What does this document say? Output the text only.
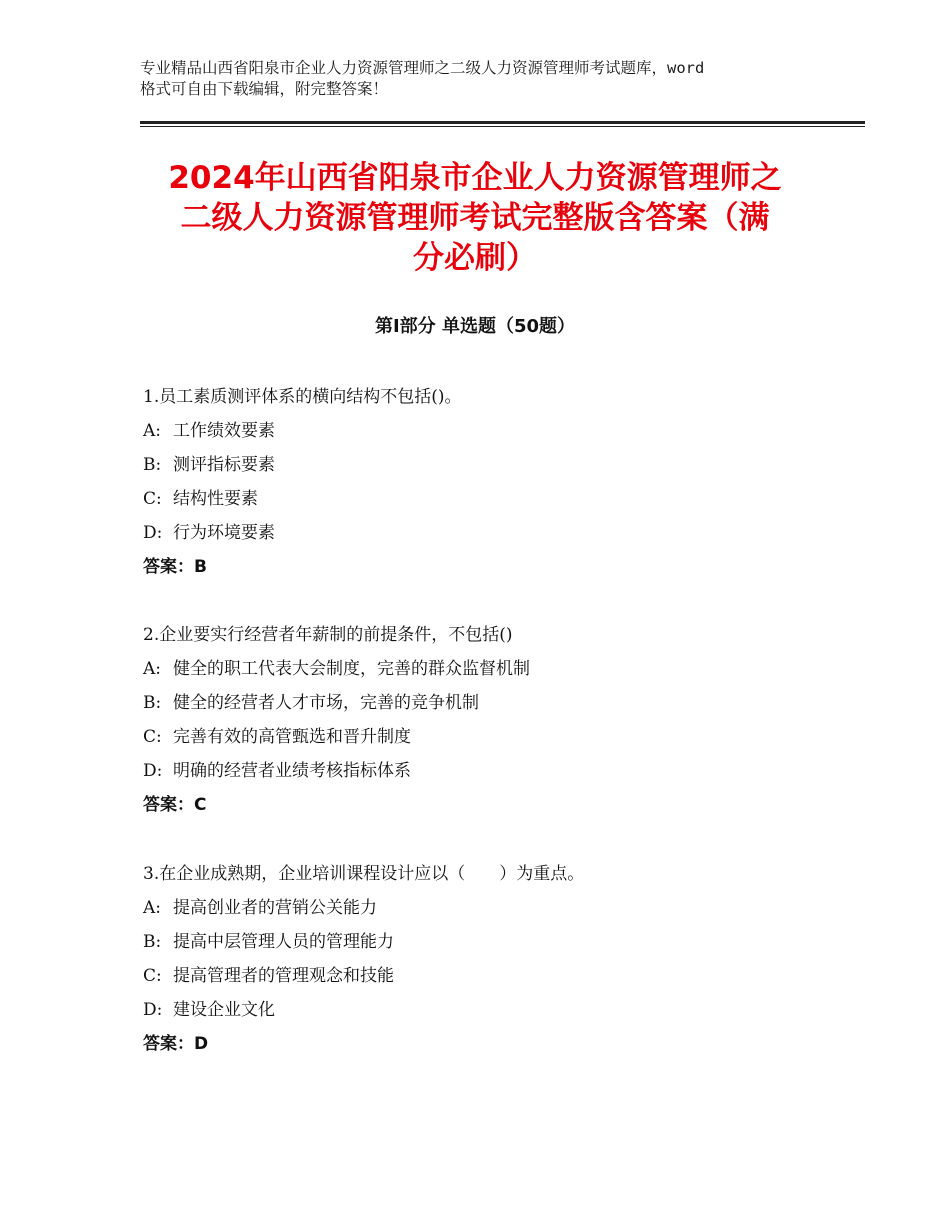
专业精品山西省阳泉市企业人力资源管理师之二级人力资源管理师考试题库，word
格式可自由下载编辑，附完整答案！
2024年山西省阳泉市企业人力资源管理师之
二级人力资源管理师考试完整版含答案（满
分必刷）
第Ⅰ部分 单选题（50题）
1.员工素质测评体系的横向结构不包括()。
A: 工作绩效要素
B: 测评指标要素
C: 结构性要素
D: 行为环境要素
答案：B
2.企业要实行经营者年薪制的前提条件，不包括()
A: 健全的职工代表大会制度，完善的群众监督机制
B: 健全的经营者人才市场，完善的竞争机制
C: 完善有效的高管甄选和晋升制度
D: 明确的经营者业绩考核指标体系
答案：C
3.在企业成熟期，企业培训课程设计应以（　　）为重点。
A: 提高创业者的营销公关能力
B: 提高中层管理人员的管理能力
C: 提高管理者的管理观念和技能
D: 建设企业文化
答案：D
